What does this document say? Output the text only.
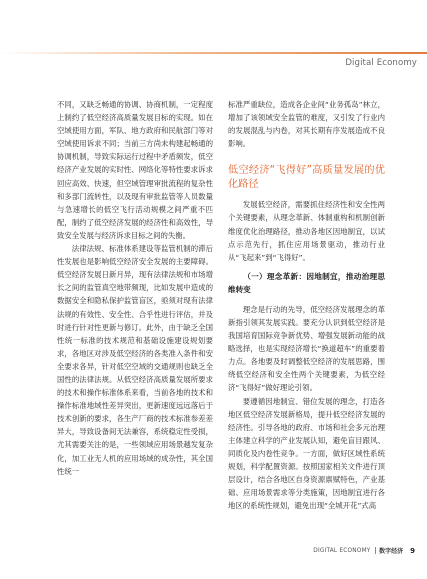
Digital Economy

不同，又缺乏畅通的协调、协商机制，一定程度上制约了低空经济高质量发展目标的实现。如在空域使用方面，军队、地方政府和民航部门等对空域使用诉求不同；当前三方尚未构建起畅通的协调机制，导致实际运行过程中矛盾频发，低空经济产业发展的实时性、网络化等特性要求诉求回应高效、快速，但空域管理审批流程的复杂性和多部门流转性，以及现有审批监管等人员数量与急速增长的低空飞行活动规模之间严重不匹配，制约了低空经济发展的经济性和高效性，导致安全发展与经济诉求目标之间的失衡。

法律法规、标准体系建设等监管机制的滞后性发展也是影响低空经济安全发展的主要障碍。低空经济发展日新月异，现有法律法规和市场增长之间的监管真空地带频现，比如发展中造成的数据安全和隐私保护监管盲区，亟须对现有法律法规的有效性、安全性、合乎性进行评估，并及时进行针对性更新与修订。此外，由于缺乏全国性统一标准的技术规范和基础设施建设规划要求，各地区对涉及低空经济的各类准入条件和安全要求各异，针对低空空域的交通规则也缺乏全国性的法律法规。从低空经济高质量发展所要求的技术和操作标准体系来看，当前各地的技术和操作标准地域性差异突出，更新速度远远落后于技术创新的要求，各生产厂商的技术标准参差差异大，导致设备间无法兼容，系统稳定性受损，尤其需要关注的是，一些领域应用场景越发复杂化，加工业无人机的应用场域的成杂性，其全国性统一

标准严重缺位，造成各企业间“业务孤岛”林立，增加了该领域安全监管的难度，又引发了行业内的发展混乱与内卷，对其长期有序发展造成不良影响。

低空经济“飞得好”高质量发展的优化路径

发展低空经济，需要抓住经济性和安全性两个关键要素，从理念革新、体制重构和机制创新维度优化治理路径，推动各地区因地制宜，以试点示范先行，抓住应用场景驱动，推动行业从“飞起来”到“飞得好”。

（一）理念革新：因地制宜，推动治理思维转变

理念是行动的先导，低空经济发展理念的革新指引领其发展实践。要充分认识到低空经济是我国培育国际竞争新优势、增强发展新动能的战略选择，也是实现经济增长“换道超车”的重要着力点。各地要及时调整低空经济的发展思路，围绕低空经济和安全性两个关键要素，为低空经济“飞得好”做好理论引领。

要遵循因地制宜、错位发展的理念，打造各地区低空经济发展新格局，提升低空经济发展的经济性。引导各地的政府、市场和社会多元治理主体建立科学的产业发展认知，避免盲目跟风、同质化及内卷性竞争。一方面，做好区域性系统规划，科学配置资源。按照国家相关文件进行顶层设计，结合各地区自身资源禀赋特色，产业基础、应用场景需求等分类施策，因地制宜进行各地区的系统性规划，避免出现“全城开花”式高

DIGITAL ECONOMY 数字经济 9
